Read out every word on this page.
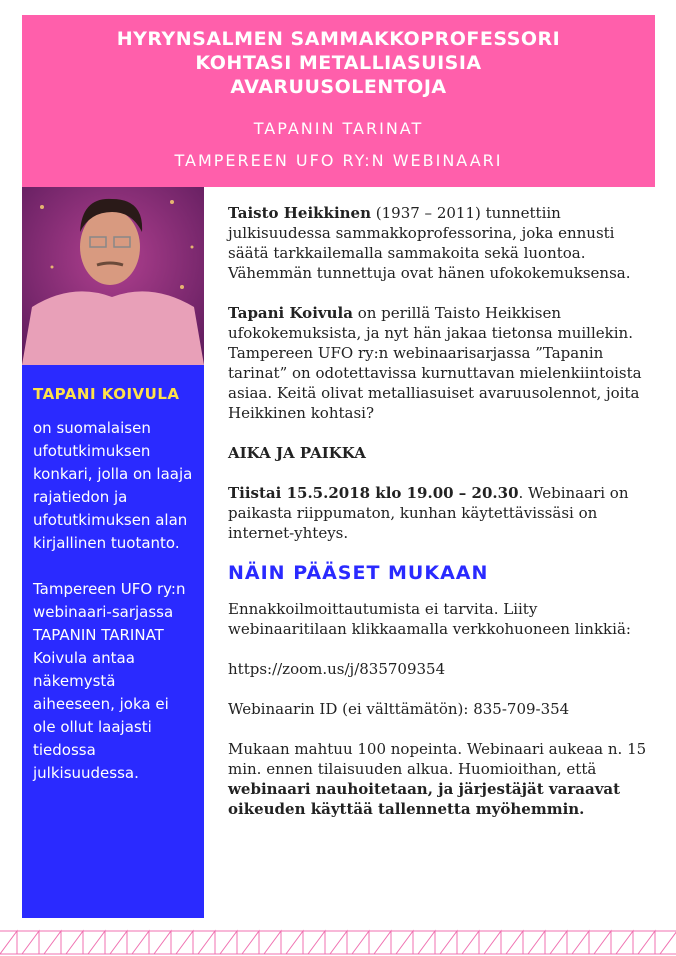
HYRYNSALMEN SAMMAKKOPROFESSORI
KOHTASI METALLIASUISIA
AVARUUSOLENTOJA
TAPANIN TARINAT
TAMPEREEN UFO RY:N WEBINAARI
TAPANI KOIVULA

on suomalaisen ufotutkimuksen konkari, jolla on laaja rajatiedon ja ufotutkimuksen alan kirjallinen tuotanto.

Tampereen UFO ry:n webinaari-sarjassa TAPANIN TARINAT Koivula antaa näkemystä aiheeseen, joka ei ole ollut laajasti tiedossa julkisuudessa.

Taisto Heikkinen (1937 – 2011) tunnettiin julkisuudessa sammakkoprofessorina, joka ennusti säätä tarkkailemalla sammakoita sekä luontoa. Vähemmän tunnettuja ovat hänen ufokokemuksensa.

Tapani Koivula on perillä Taisto Heikkisen ufokokemuksista, ja nyt hän jakaa tietonsa muillekin. Tampereen UFO ry:n webinaarisarjassa ”Tapanin tarinat” on odotettavissa kurnuttavan mielenkiintoista asiaa. Keitä olivat metalliasuiset avaruusolennot, joita Heikkinen kohtasi?

AIKA JA PAIKKA

Tiistai 15.5.2018 klo 19.00 – 20.30. Webinaari on paikasta riippumaton, kunhan käytettävissäsi on internet-yhteys.

NÄIN PÄÄSET MUKAAN

Ennakkoilmoittautumista ei tarvita. Liity webinaaritilaan klikkaamalla verkkohuoneen linkkiä:

https://zoom.us/j/835709354

Webinaarin ID (ei välttämätön): 835-709-354

Mukaan mahtuu 100 nopeinta. Webinaari aukeaa n. 15 min. ennen tilaisuuden alkua. Huomioithan, että webinaari nauhoitetaan, ja järjestäjät varaavat oikeuden käyttää tallennetta myöhemmin.
